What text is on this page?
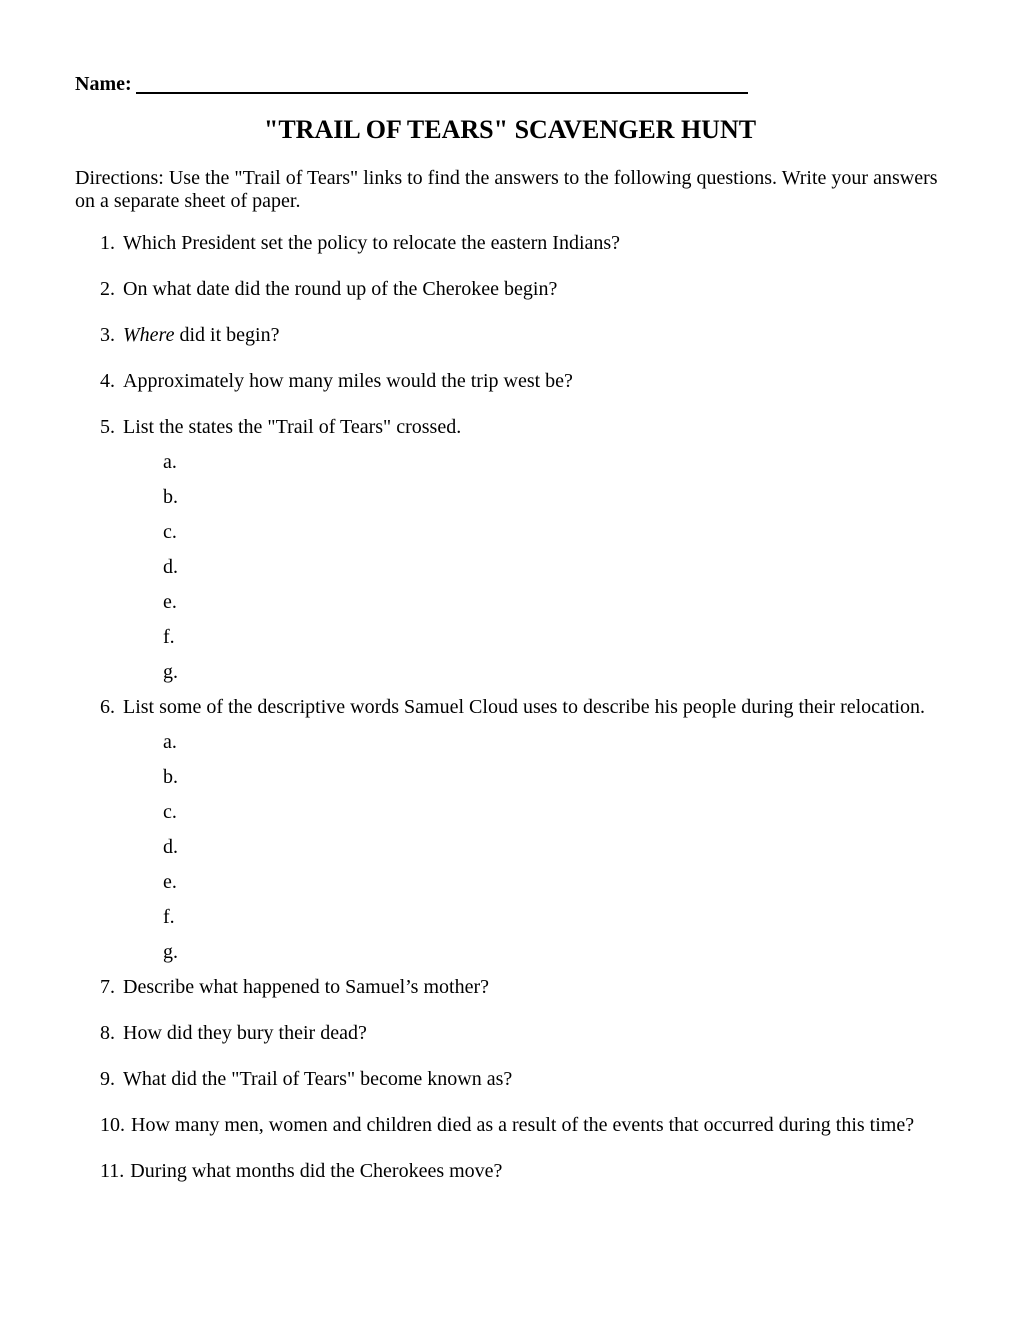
Name:
"TRAIL OF TEARS" SCAVENGER HUNT
Directions: Use the "Trail of Tears" links to find the answers to the following questions. Write your answers on a separate sheet of paper.
1. Which President set the policy to relocate the eastern Indians?
2. On what date did the round up of the Cherokee begin?
3. Where did it begin?
4. Approximately how many miles would the trip west be?
5. List the states the "Trail of Tears" crossed.
a.
b.
c.
d.
e.
f.
g.
6. List some of the descriptive words Samuel Cloud uses to describe his people during their relocation.
a.
b.
c.
d.
e.
f.
g.
7. Describe what happened to Samuel’s mother?
8. How did they bury their dead?
9. What did the "Trail of Tears" become known as?
10. How many men, women and children died as a result of the events that occurred during this time?
11. During what months did the Cherokees move?
